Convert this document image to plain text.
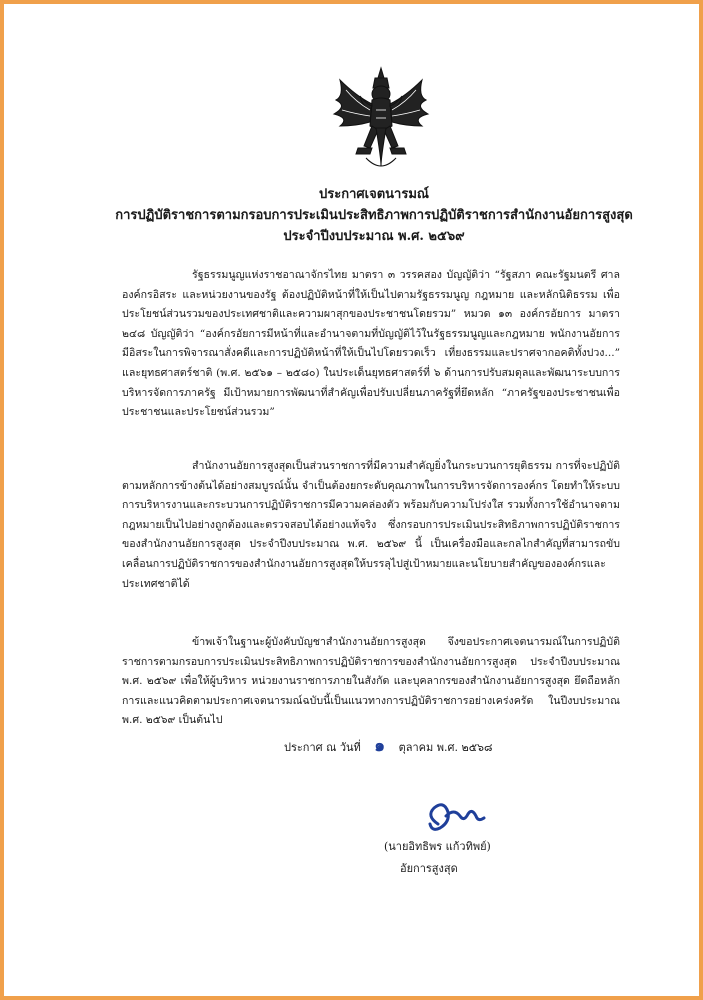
ประกาศเจตนารมณ์
การปฏิบัติราชการตามกรอบการประเมินประสิทธิภาพการปฏิบัติราชการสำนักงานอัยการสูงสุด
ประจำปีงบประมาณ พ.ศ. ๒๕๖๙

รัฐธรรมนูญแห่งราชอาณาจักรไทย มาตรา ๓ วรรคสอง บัญญัติว่า “รัฐสภา คณะรัฐมนตรี ศาล องค์กรอิสระ และหน่วยงานของรัฐ ต้องปฏิบัติหน้าที่ให้เป็นไปตามรัฐธรรมนูญ กฎหมาย และหลักนิติธรรม เพื่อประโยชน์ส่วนรวมของประเทศชาติและความผาสุกของประชาชนโดยรวม” หมวด ๑๓ องค์กรอัยการ มาตรา ๒๔๘ บัญญัติว่า “องค์กรอัยการมีหน้าที่และอำนาจตามที่บัญญัติไว้ในรัฐธรรมนูญและกฎหมาย พนักงานอัยการมีอิสระในการพิจารณาสั่งคดีและการปฏิบัติหน้าที่ให้เป็นไปโดยรวดเร็ว เที่ยงธรรมและปราศจากอคติทั้งปวง...” และยุทธศาสตร์ชาติ (พ.ศ. ๒๕๖๑ – ๒๕๘๐) ในประเด็นยุทธศาสตร์ที่ ๖ ด้านการปรับสมดุลและพัฒนาระบบการบริหารจัดการภาครัฐ มีเป้าหมายการพัฒนาที่สำคัญเพื่อปรับเปลี่ยนภาครัฐที่ยึดหลัก “ภาครัฐของประชาชนเพื่อประชาชนและประโยชน์ส่วนรวม”

สำนักงานอัยการสูงสุดเป็นส่วนราชการที่มีความสำคัญยิ่งในกระบวนการยุติธรรม การที่จะปฏิบัติตามหลักการข้างต้นได้อย่างสมบูรณ์นั้น จำเป็นต้องยกระดับคุณภาพในการบริหารจัดการองค์กร โดยทำให้ระบบการบริหารงานและกระบวนการปฏิบัติราชการมีความคล่องตัว พร้อมกับความโปร่งใส รวมทั้งการใช้อำนาจตามกฎหมายเป็นไปอย่างถูกต้องและตรวจสอบได้อย่างแท้จริง ซึ่งกรอบการประเมินประสิทธิภาพการปฏิบัติราชการของสำนักงานอัยการสูงสุด ประจำปีงบประมาณ พ.ศ. ๒๕๖๙ นี้ เป็นเครื่องมือและกลไกสำคัญที่สามารถขับเคลื่อนการปฏิบัติราชการของสำนักงานอัยการสูงสุดให้บรรลุไปสู่เป้าหมายและนโยบายสำคัญขององค์กรและประเทศชาติได้

ข้าพเจ้าในฐานะผู้บังคับบัญชาสำนักงานอัยการสูงสุด จึงขอประกาศเจตนารมณ์ในการปฏิบัติราชการตามกรอบการประเมินประสิทธิภาพการปฏิบัติราชการของสำนักงานอัยการสูงสุด ประจำปีงบประมาณ พ.ศ. ๒๕๖๙ เพื่อให้ผู้บริหาร หน่วยงานราชการภายในสังกัด และบุคลากรของสำนักงานอัยการสูงสุด ยึดถือหลักการและแนวคิดตามประกาศเจตนารมณ์ฉบับนี้เป็นแนวทางการปฏิบัติราชการอย่างเคร่งครัด ในปีงบประมาณ พ.ศ. ๒๕๖๙ เป็นต้นไป

ประกาศ ณ วันที่ ๑ ตุลาคม พ.ศ. ๒๕๖๘
(นายอิทธิพร แก้วทิพย์)
อัยการสูงสุด
